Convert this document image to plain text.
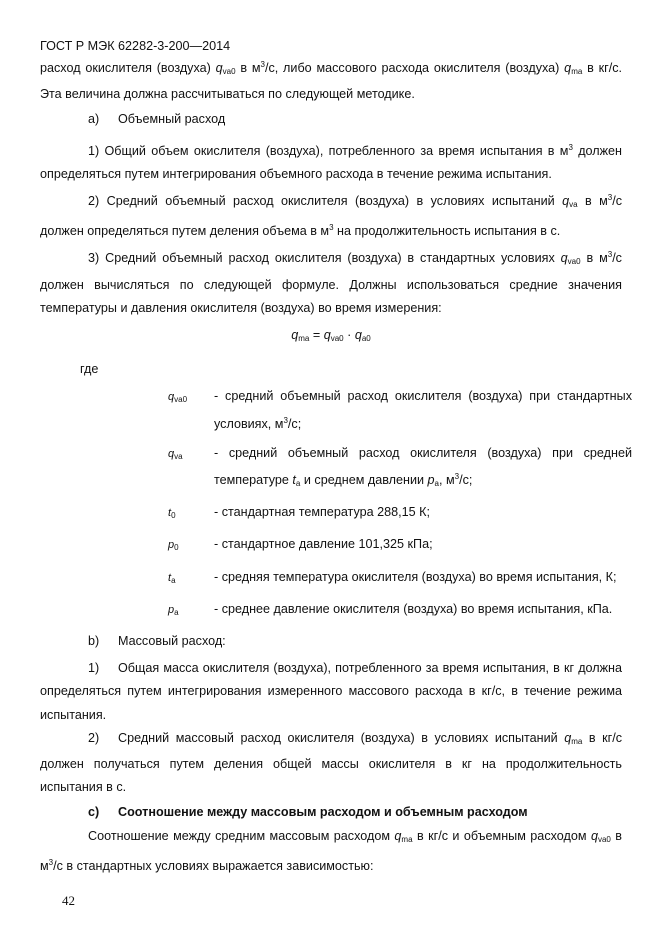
ГОСТ Р МЭК 62282-3-200—2014

расход окислителя (воздуха) $q_{va0}$ в $м^3/с$, либо массового расхода окислителя (воздуха) $q_{ma}$ в кг/с. Эта величина должна рассчитываться по следующей методике.

а)	Объемный расход

1) Общий объем окислителя (воздуха), потребленного за время испытания в $м^3$ должен определяться путем интегрирования объемного расхода в течение режима испытания.

2) Средний объемный расход окислителя (воздуха) в условиях испытаний $q_{va}$ в $м^3/с$ должен определяться путем деления объема в $м^3$ на продолжительность испытания в с.

3) Средний объемный расход окислителя (воздуха) в стандартных условиях $q_{va0}$ в $м^3/с$ должен вычисляться по следующей формуле. Должны использоваться средние значения температуры и давления окислителя (воздуха) во время измерения:

$q_{ma} = q_{va0} \cdot q_{a0}$

где

$q_{va0}$	- средний объемный расход окислителя (воздуха) при стандартных условиях, $м^3/с$;
$q_{va}$	- средний объемный расход окислителя (воздуха) при средней температуре $t_a$ и среднем давлении $p_a$, $м^3/с$;
$t_0$	- стандартная температура 288,15 К;
$p_0$	- стандартное давление 101,325 кПа;
$t_a$	- средняя температура окислителя (воздуха) во время испытания, К;
$p_a$	- среднее давление окислителя (воздуха) во время испытания, кПа.
b)	Массовый расход:

1) Общая масса окислителя (воздуха), потребленного за время испытания, в кг должна определяться путем интегрирования измеренного массового расхода в кг/с, в течение режима испытания.

2) Средний массовый расход окислителя (воздуха) в условиях испытаний $q_{ma}$ в кг/с должен получаться путем деления общей массы окислителя в кг на продолжительность испытания в с.

с)	Соотношение между массовым расходом и объемным расходом

Соотношение между средним массовым расходом $q_{ma}$ в кг/с и объемным расходом $q_{va0}$ в $м^3/с$ в стандартных условиях выражается зависимостью:

42
